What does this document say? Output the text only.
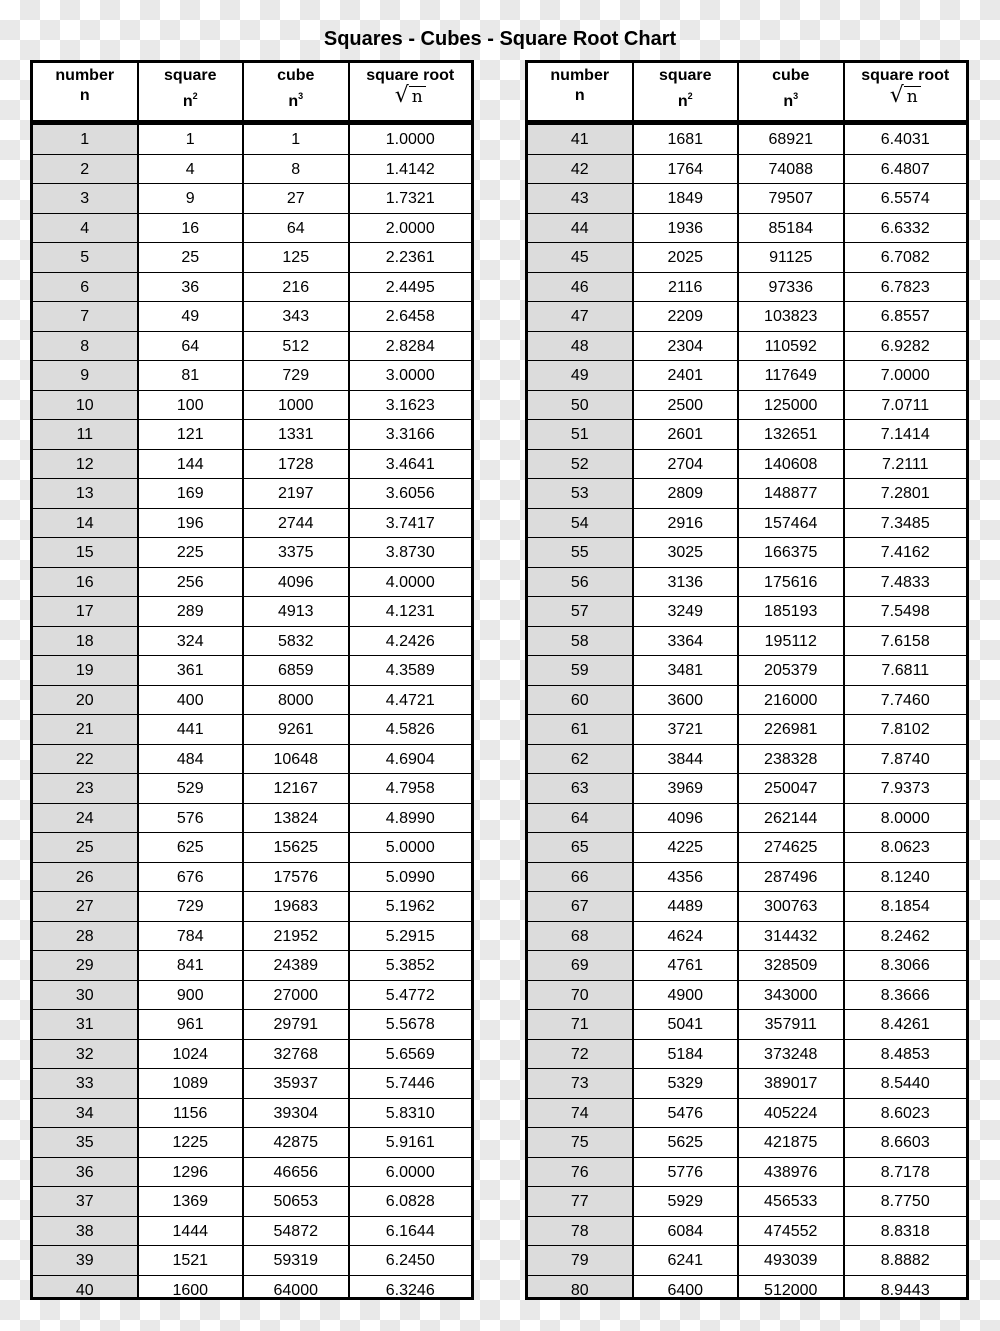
Squares - Cubes - Square Root Chart
number
n
square
$n^2$
cube
$n^3$
square root
√ n
1	1	1	1.0000
2	4	8	1.4142
3	9	27	1.7321
4	16	64	2.0000
5	25	125	2.2361
6	36	216	2.4495
7	49	343	2.6458
8	64	512	2.8284
9	81	729	3.0000
10	100	1000	3.1623
11	121	1331	3.3166
12	144	1728	3.4641
13	169	2197	3.6056
14	196	2744	3.7417
15	225	3375	3.8730
16	256	4096	4.0000
17	289	4913	4.1231
18	324	5832	4.2426
19	361	6859	4.3589
20	400	8000	4.4721
21	441	9261	4.5826
22	484	10648	4.6904
23	529	12167	4.7958
24	576	13824	4.8990
25	625	15625	5.0000
26	676	17576	5.0990
27	729	19683	5.1962
28	784	21952	5.2915
29	841	24389	5.3852
30	900	27000	5.4772
31	961	29791	5.5678
32	1024	32768	5.6569
33	1089	35937	5.7446
34	1156	39304	5.8310
35	1225	42875	5.9161
36	1296	46656	6.0000
37	1369	50653	6.0828
38	1444	54872	6.1644
39	1521	59319	6.2450
40	1600	64000	6.3246
number
n
square
$n^2$
cube
$n^3$
square root
√ n
41	1681	68921	6.4031
42	1764	74088	6.4807
43	1849	79507	6.5574
44	1936	85184	6.6332
45	2025	91125	6.7082
46	2116	97336	6.7823
47	2209	103823	6.8557
48	2304	110592	6.9282
49	2401	117649	7.0000
50	2500	125000	7.0711
51	2601	132651	7.1414
52	2704	140608	7.2111
53	2809	148877	7.2801
54	2916	157464	7.3485
55	3025	166375	7.4162
56	3136	175616	7.4833
57	3249	185193	7.5498
58	3364	195112	7.6158
59	3481	205379	7.6811
60	3600	216000	7.7460
61	3721	226981	7.8102
62	3844	238328	7.8740
63	3969	250047	7.9373
64	4096	262144	8.0000
65	4225	274625	8.0623
66	4356	287496	8.1240
67	4489	300763	8.1854
68	4624	314432	8.2462
69	4761	328509	8.3066
70	4900	343000	8.3666
71	5041	357911	8.4261
72	5184	373248	8.4853
73	5329	389017	8.5440
74	5476	405224	8.6023
75	5625	421875	8.6603
76	5776	438976	8.7178
77	5929	456533	8.7750
78	6084	474552	8.8318
79	6241	493039	8.8882
80	6400	512000	8.9443
